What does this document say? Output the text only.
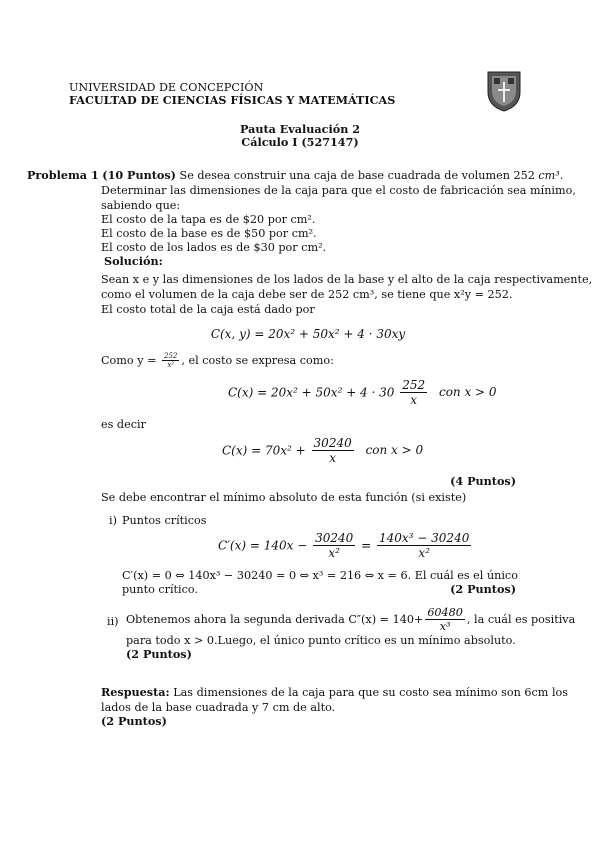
UNIVERSIDAD DE CONCEPCIÓN
FACULTAD DE CIENCIAS FÍSICAS Y MATEMÁTICAS
Pauta Evaluación 2
Cálculo I (527147)
Problema 1 (10 Puntos) Se desea construir una caja de base cuadrada de volumen 252 cm³.
Determinar las dimensiones de la caja para que el costo de fabricación sea mínimo,
sabiendo que:
El costo de la tapa es de $20 por cm².
El costo de la base es de $50 por cm².
El costo de los lados es de $30 por cm².
Solución:
Sean x e y las dimensiones de los lados de la base y el alto de la caja respectivamente,
como el volumen de la caja debe ser de 252 cm³, se tiene que x²y = 252.
El costo total de la caja está dado por
C(x, y) = 20x² + 50x² + 4 · 30xy
Como $y = \frac{252}{\text{x²}}$ , el costo se expresa como:
$C(x) = 20x^2 + 50x^2 + 4 \cdot 30 \frac{252}{x}$ con x > 0
es decir
$C(x) = 70x^2 + \frac{30240}{x}$ con x > 0
(4 Puntos)
Se debe encontrar el mínimo absoluto de esta función (si existe)
i) Puntos críticos
$C'(x) = 140x - \frac{30240}{\text{x²}} = \frac{\text{140x³ − 30240}}{\text{x²}}$
C′(x) = 0 ⇔ 140x³ − 30240 = 0 ⇔ x³ = 216 ⇔ x = 6. El cuál es el único
punto crítico.	(2 Puntos)
ii) Obtenemos ahora la segunda derivada $C''(x) = 140+ \frac{60480}{\text{x³}}$ , la cuál es positiva
para todo x > 0.Luego, el único punto crítico es un mínimo absoluto.
(2 Puntos)
Respuesta: Las dimensiones de la caja para que su costo sea mínimo son 6cm los
lados de la base cuadrada y 7 cm de alto.
(2 Puntos)
